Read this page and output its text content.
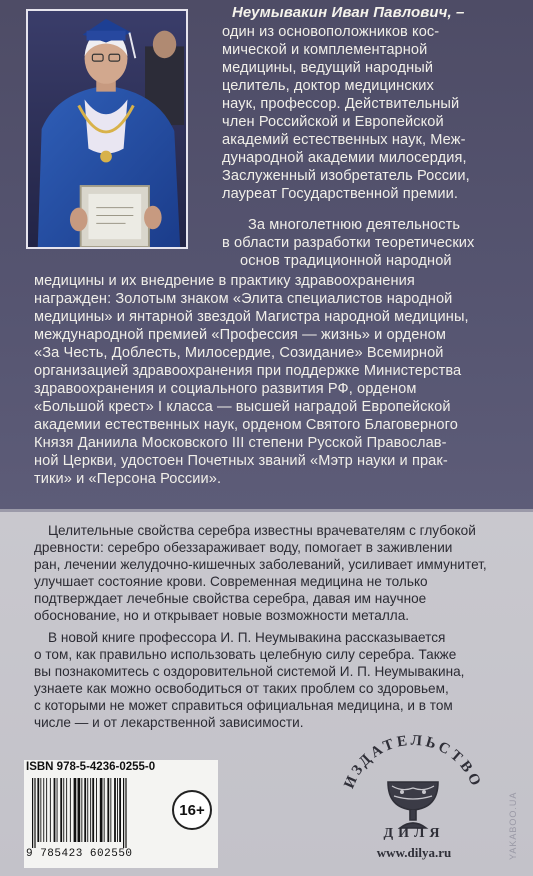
Неумывакин Иван Павлович, –
один из основоположников кос-
мической и комплементарной
медицины, ведущий народный
целитель, доктор медицинских
наук, профессор. Действительный
член Российской и Европейской
академий естественных наук, Меж-
дународной академии милосердия,
Заслуженный изобретатель России,
лауреат Государственной премии.
За многолетнюю деятельность
в области разработки теоретических
основ традиционной народной
медицины и их внедрение в практику здравоохранения
награжден: Золотым знаком «Элита специалистов народной
медицины» и янтарной звездой Магистра народной медицины,
международной премией «Профессия — жизнь» и орденом
«За Честь, Доблесть, Милосердие, Созидание» Всемирной
организацией здравоохранения при поддержке Министерства
здравоохранения и социального развития РФ, орденом
«Большой крест» I класса — высшей наградой Европейской
академии естественных наук, орденом Святого Благоверного
Князя Даниила Московского III степени Русской Православ-
ной Церкви, удостоен Почетных званий «Мэтр науки и прак-
тики» и «Персона России».
Целительные свойства серебра известны врачевателям с глубокой
древности: серебро обеззараживает воду, помогает в заживлении
ран, лечении желудочно-кишечных заболеваний, усиливает иммунитет,
улучшает состояние крови. Современная медицина не только
подтверждает лечебные свойства серебра, давая им научное
обоснование, но и открывает новые возможности металла.
В новой книге профессора И. П. Неумывакина рассказывается
о том, как правильно использовать целебную силу серебра. Также
вы познакомитесь с оздоровительной системой И. П. Неумывакина,
узнаете как можно освободиться от таких проблем со здоровьем,
с которыми не может справиться официальная медицина, и в том
числе — и от лекарственной зависимости.
ISBN 978-5-4236-0255-0
9 785423 602550
16+
ИЗДАТЕЛЬСТВО
ДИЛЯ
www.dilya.ru	YAKABOO.UA
